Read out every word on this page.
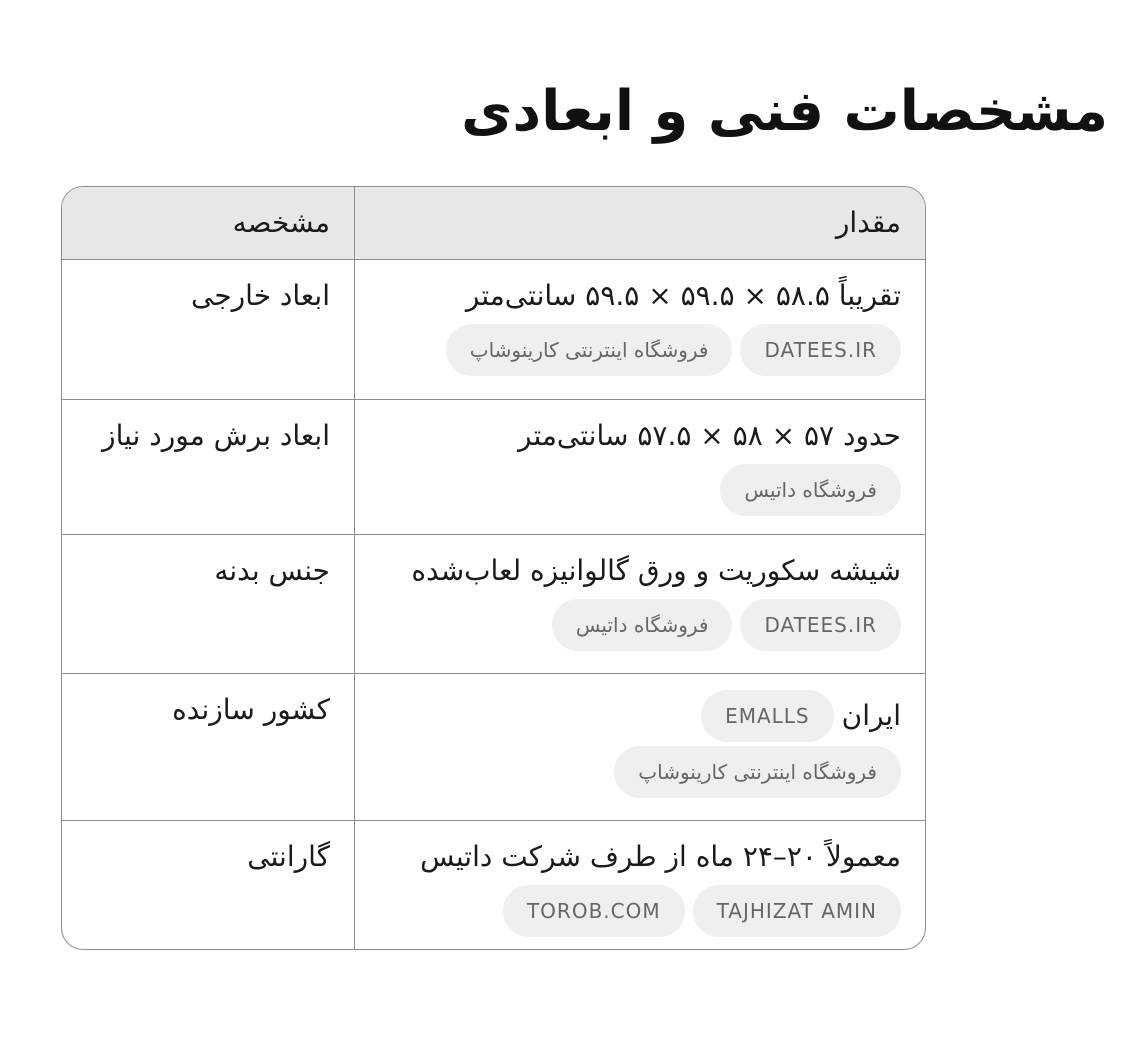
مشخصات فنی و ابعادی
مقدار
مشخصه
تقریباً ۵۸.۵ × ۵۹.۵ × ۵۹.۵ سانتی‌متر
DATEES.IR
فروشگاه اینترنتی کارینوشاپ
ابعاد خارجی
حدود ۵۷ × ۵۸ × ۵۷.۵ سانتی‌متر
فروشگاه داتیس
ابعاد برش مورد نیاز
شیشه سکوریت و ورق گالوانیزه لعاب‌شده
DATEES.IR
فروشگاه داتیس
جنس بدنه
ایران
EMALLS
فروشگاه اینترنتی کارینوشاپ
کشور سازنده
معمولاً ۲۰–۲۴ ماه از طرف شرکت داتیس
TAJHIZAT AMIN
TOROB.COM
گارانتی
